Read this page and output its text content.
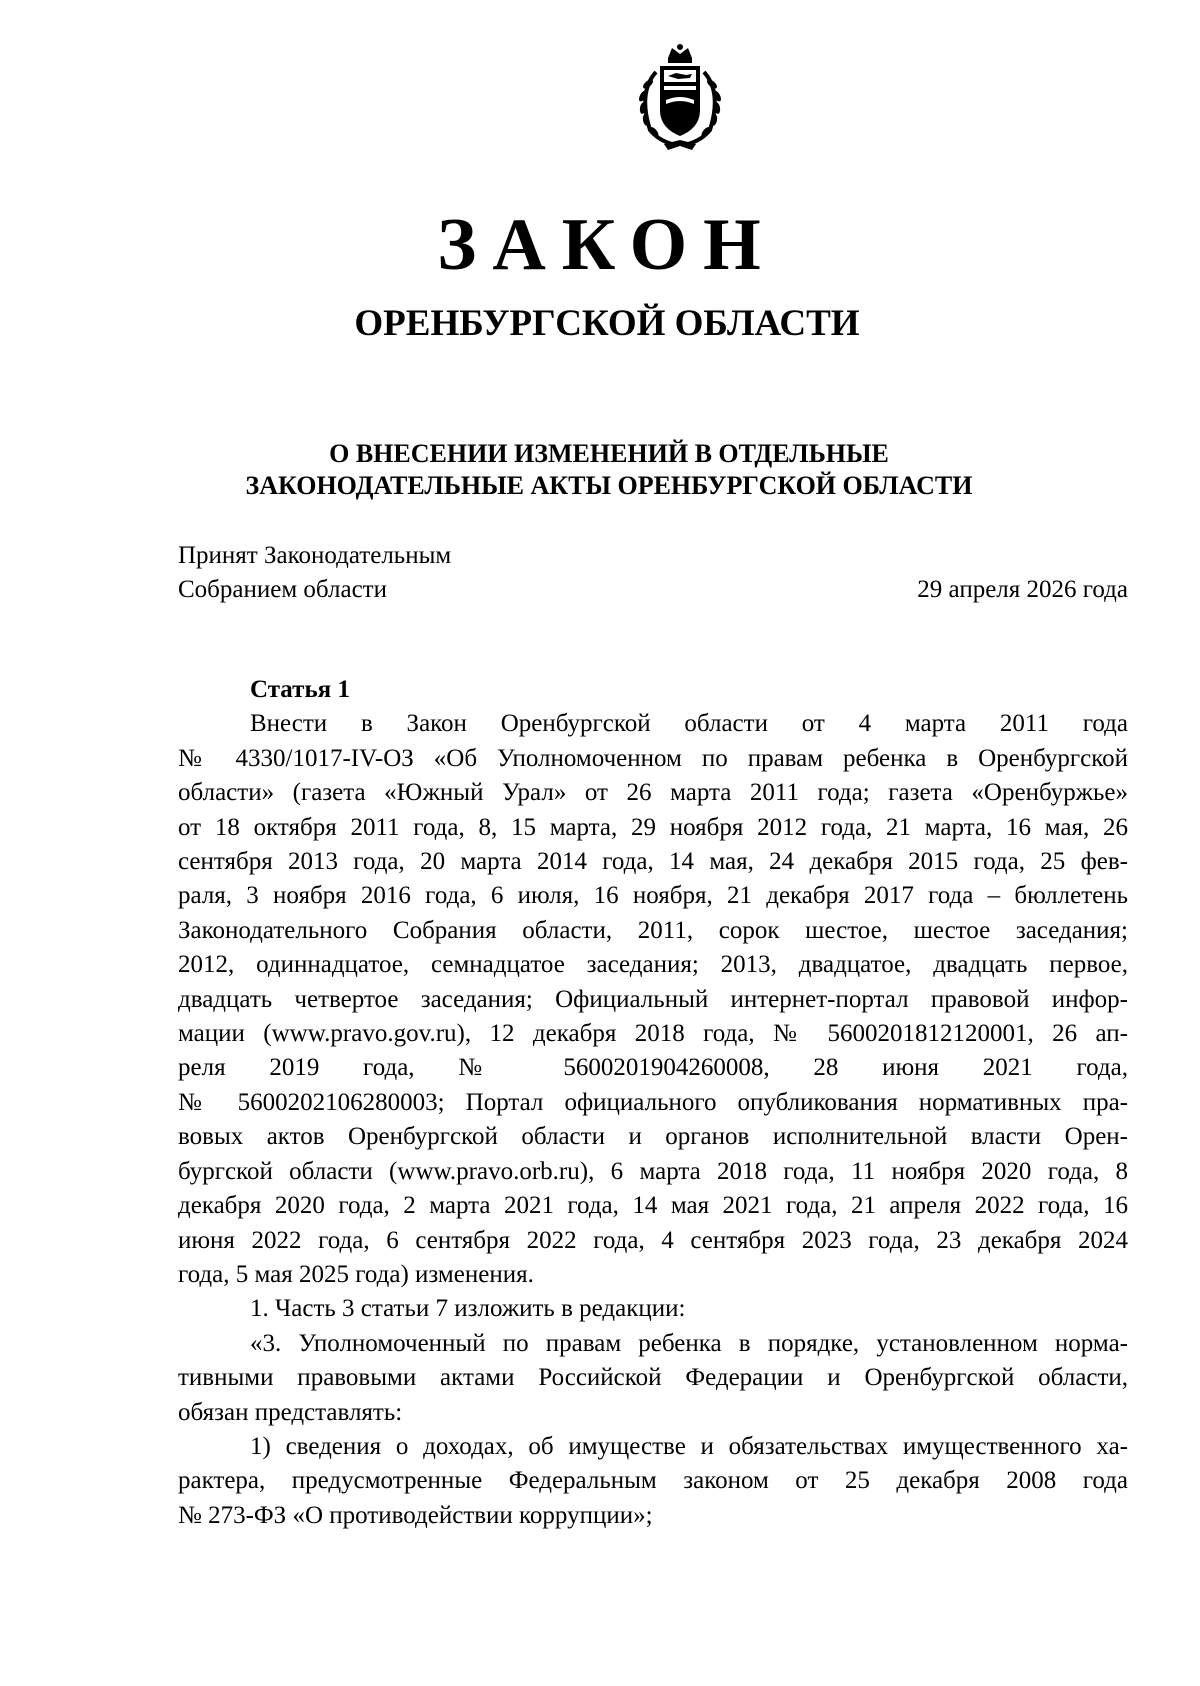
ЗАКОН
ОРЕНБУРГСКОЙ ОБЛАСТИ
О ВНЕСЕНИИ ИЗМЕНЕНИЙ В ОТДЕЛЬНЫЕ
ЗАКОНОДАТЕЛЬНЫЕ АКТЫ ОРЕНБУРГСКОЙ ОБЛАСТИ
Принят Законодательным
Собранием области	29 апреля 2026 года

Статья 1

Внести в Закон Оренбургской области от 4 марта 2011 года
№ 4330/1017-IV-ОЗ «Об Уполномоченном по правам ребенка в Оренбургской
области» (газета «Южный Урал» от 26 марта 2011 года; газета «Оренбуржье»
от 18 октября 2011 года, 8, 15 марта, 29 ноября 2012 года, 21 марта, 16 мая, 26
сентября 2013 года, 20 марта 2014 года, 14 мая, 24 декабря 2015 года, 25 фев-
раля, 3 ноября 2016 года, 6 июля, 16 ноября, 21 декабря 2017 года – бюллетень
Законодательного Собрания области, 2011, сорок шестое, шестое заседания;
2012, одиннадцатое, семнадцатое заседания; 2013, двадцатое, двадцать первое,
двадцать четвертое заседания; Официальный интернет-портал правовой инфор-
мации (www.pravo.gov.ru), 12 декабря 2018 года, № 5600201812120001, 26 ап-
реля 2019 года, № 5600201904260008, 28 июня 2021 года,
№ 5600202106280003; Портал официального опубликования нормативных пра-
вовых актов Оренбургской области и органов исполнительной власти Орен-
бургской области (www.pravo.orb.ru), 6 марта 2018 года, 11 ноября 2020 года, 8
декабря 2020 года, 2 марта 2021 года, 14 мая 2021 года, 21 апреля 2022 года, 16
июня 2022 года, 6 сентября 2022 года, 4 сентября 2023 года, 23 декабря 2024
года, 5 мая 2025 года) изменения.
1. Часть 3 статьи 7 изложить в редакции:
«3. Уполномоченный по правам ребенка в порядке, установленном норма-
тивными правовыми актами Российской Федерации и Оренбургской области,
обязан представлять:
1) сведения о доходах, об имуществе и обязательствах имущественного ха-
рактера, предусмотренные Федеральным законом от 25 декабря 2008 года
№ 273-ФЗ «О противодействии коррупции»;
